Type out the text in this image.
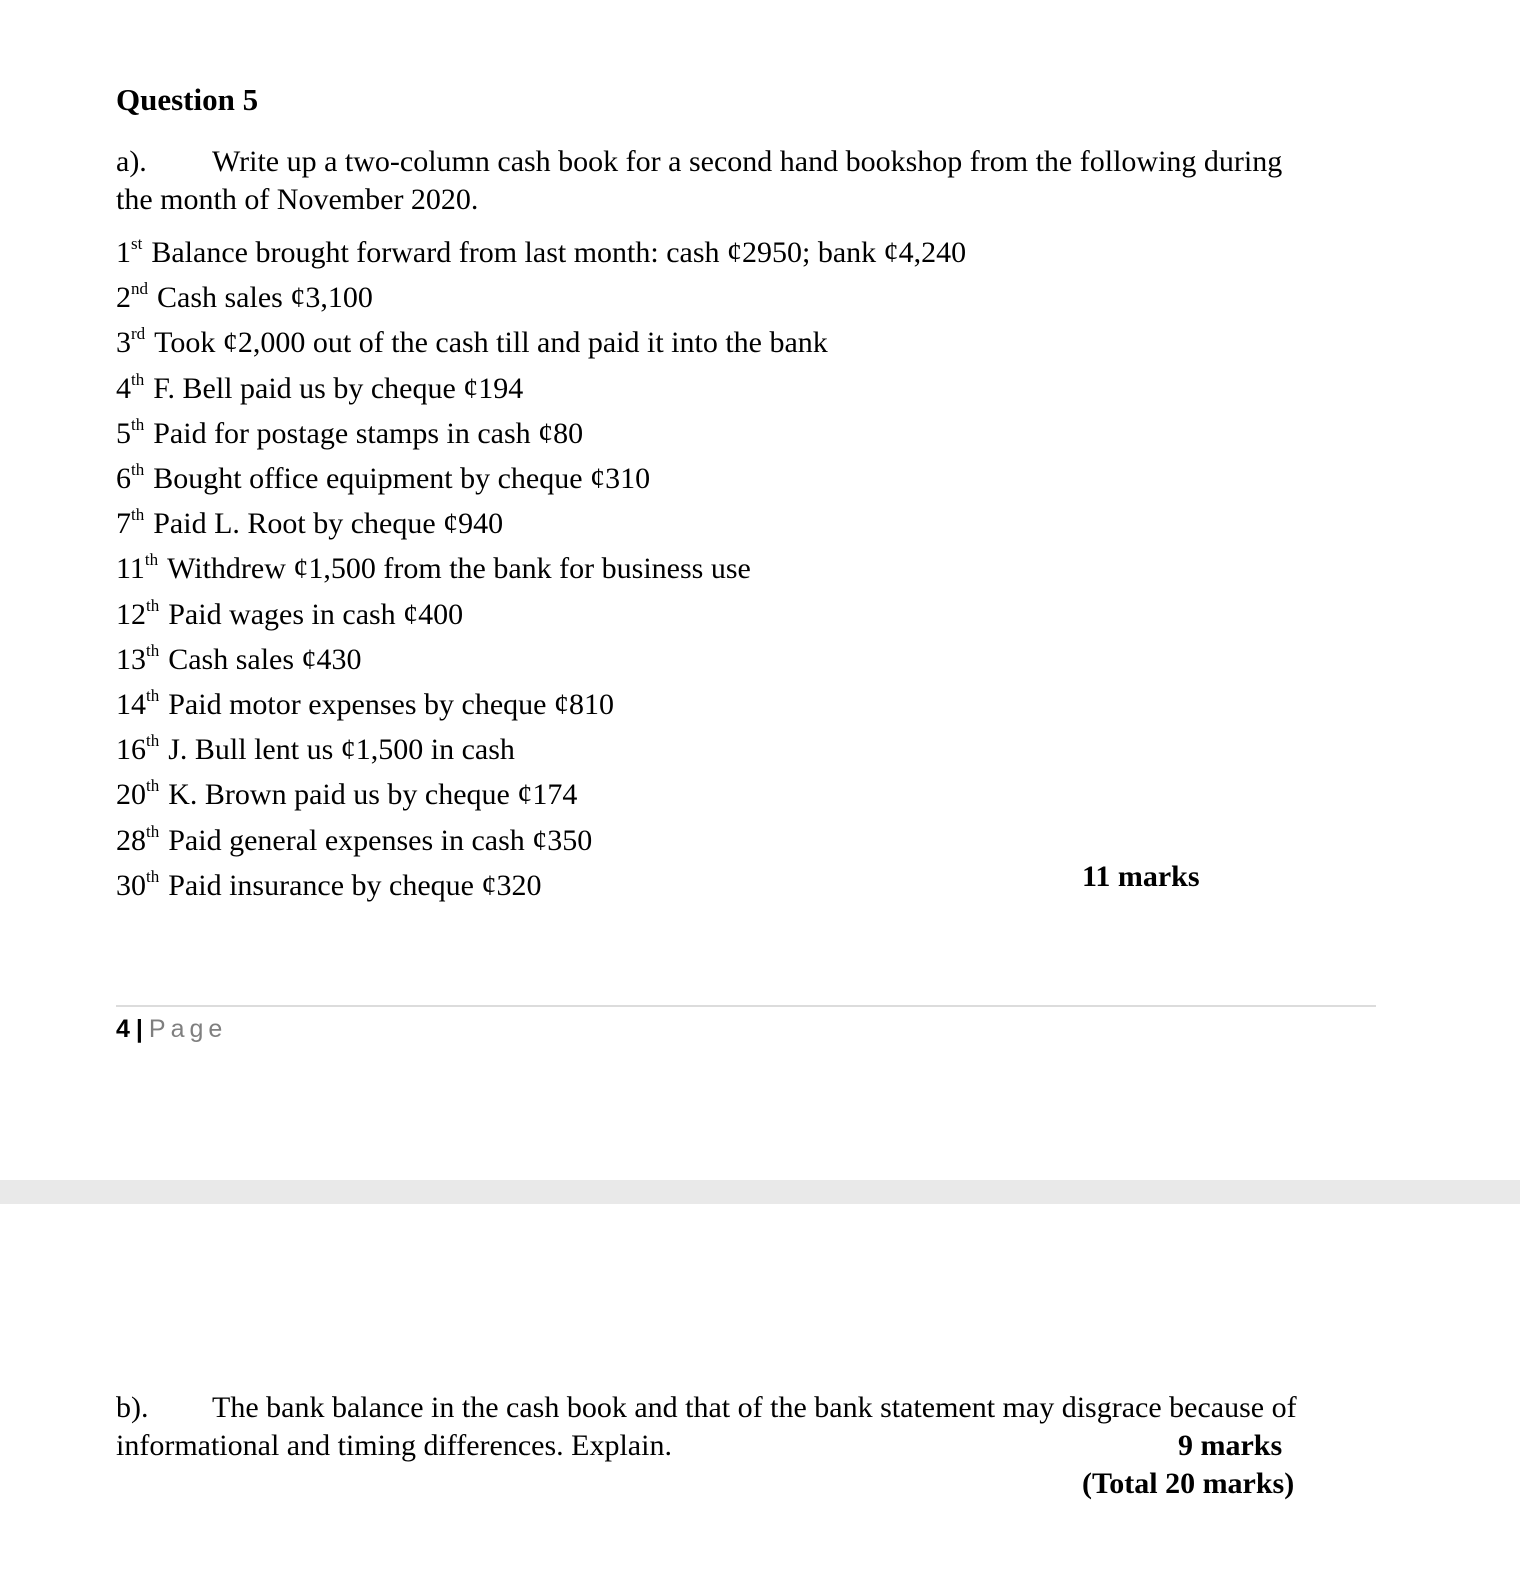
Question 5
a). Write up a two-column cash book for a second hand bookshop from the following during
the month of November 2020.
1st Balance brought forward from last month: cash ¢2950; bank ¢4,240
2nd Cash sales ¢3,100
3rd Took ¢2,000 out of the cash till and paid it into the bank
4th F. Bell paid us by cheque ¢194
5th Paid for postage stamps in cash ¢80
6th Bought office equipment by cheque ¢310
7th Paid L. Root by cheque ¢940
11th Withdrew ¢1,500 from the bank for business use
12th Paid wages in cash ¢400
13th Cash sales ¢430
14th Paid motor expenses by cheque ¢810
16th J. Bull lent us ¢1,500 in cash
20th K. Brown paid us by cheque ¢174
28th Paid general expenses in cash ¢350
30th Paid insurance by cheque ¢320	11 marks
4 | Page
b). The bank balance in the cash book and that of the bank statement may disgrace because of
informational and timing differences. Explain.	9 marks
(Total 20 marks)
